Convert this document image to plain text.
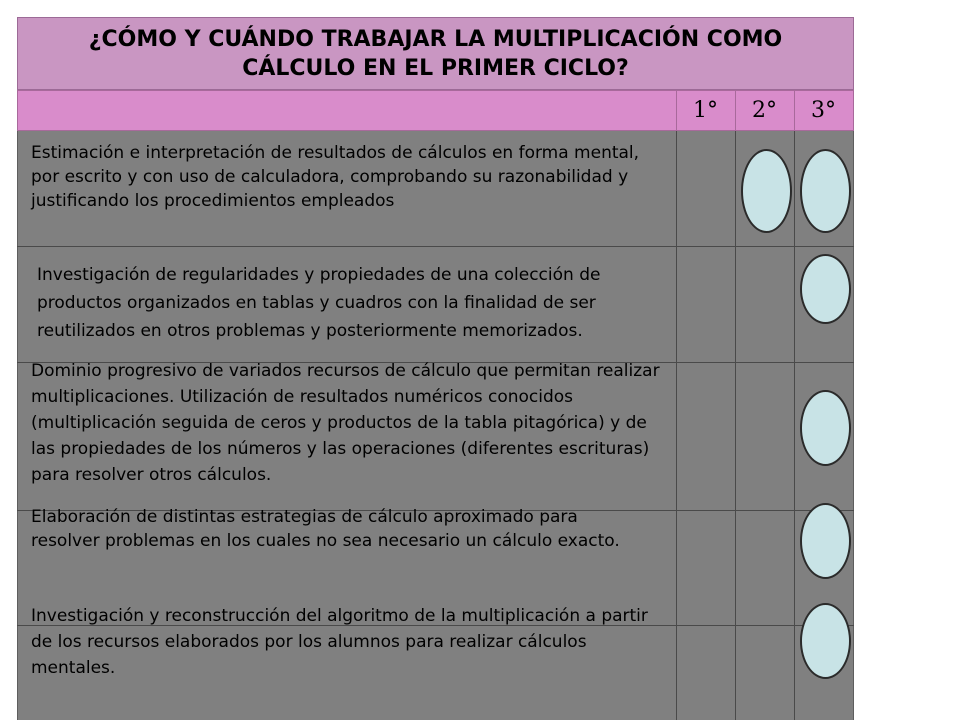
¿CÓMO Y CUÁNDO TRABAJAR LA MULTIPLICACIÓN COMO CÁLCULO EN EL PRIMER CICLO?
1°	2°	3°
Estimación e interpretación de resultados de cálculos en forma mental, por escrito y con uso de calculadora, comprobando su razonabilidad y justificando los procedimientos empleados
Investigación de regularidades y propiedades de una colección de productos organizados en tablas y cuadros con la finalidad de ser reutilizados en otros problemas y posteriormente memorizados.
Dominio progresivo de variados recursos de cálculo que permitan realizar multiplicaciones. Utilización de resultados numéricos conocidos (multiplicación seguida de ceros y productos de la tabla pitagórica) y de las propiedades de los números y las operaciones (diferentes escrituras) para resolver otros cálculos.
Elaboración de distintas estrategias de cálculo aproximado para resolver problemas en los cuales no sea necesario un cálculo exacto.
Investigación y reconstrucción del algoritmo de la multiplicación a partir de los recursos elaborados por los alumnos para realizar cálculos mentales.
